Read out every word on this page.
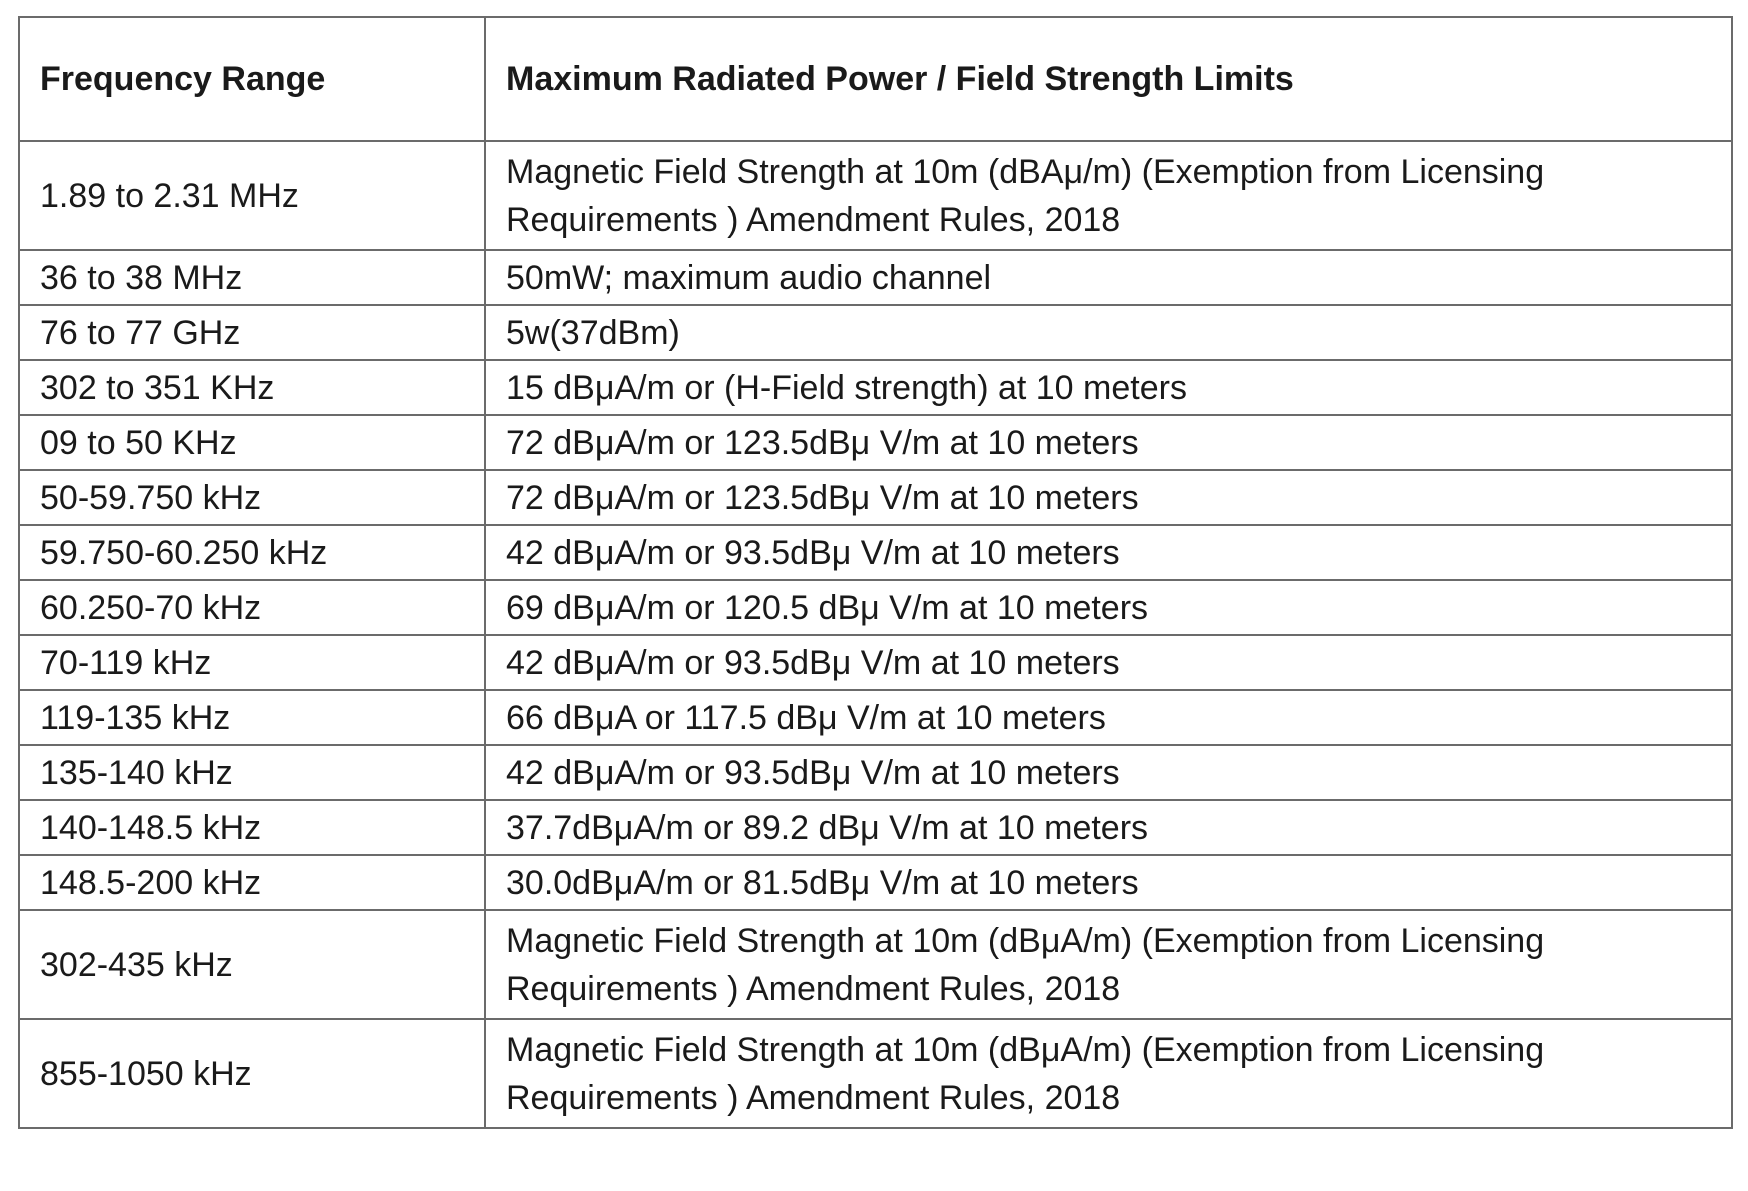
Frequency Range	Maximum Radiated Power / Field Strength Limits
1.89 to 2.31 MHz	Magnetic Field Strength at 10m (dBAμ/m) (Exemption from Licensing Requirements ) Amendment Rules, 2018

36 to 38 MHz	50mW; maximum audio channel
76 to 77 GHz	5w(37dBm)
302 to 351 KHz	15 dBμA/m or (H-Field strength) at 10 meters
09 to 50 KHz	72 dBμA/m or 123.5dBμ V/m at 10 meters
50-59.750 kHz	72 dBμA/m or 123.5dBμ V/m at 10 meters
59.750-60.250 kHz	42 dBμA/m or 93.5dBμ V/m at 10 meters
60.250-70 kHz	69 dBμA/m or 120.5 dBμ V/m at 10 meters
70-119 kHz	42 dBμA/m or 93.5dBμ V/m at 10 meters
119-135 kHz	66 dBμA or 117.5 dBμ V/m at 10 meters
135-140 kHz	42 dBμA/m or 93.5dBμ V/m at 10 meters
140-148.5 kHz	37.7dBμA/m or 89.2 dBμ V/m at 10 meters
148.5-200 kHz	30.0dBμA/m or 81.5dBμ V/m at 10 meters
302-435 kHz	Magnetic Field Strength at 10m (dBμA/m) (Exemption from Licensing Requirements ) Amendment Rules, 2018

855-1050 kHz	Magnetic Field Strength at 10m (dBμA/m) (Exemption from Licensing Requirements ) Amendment Rules, 2018
